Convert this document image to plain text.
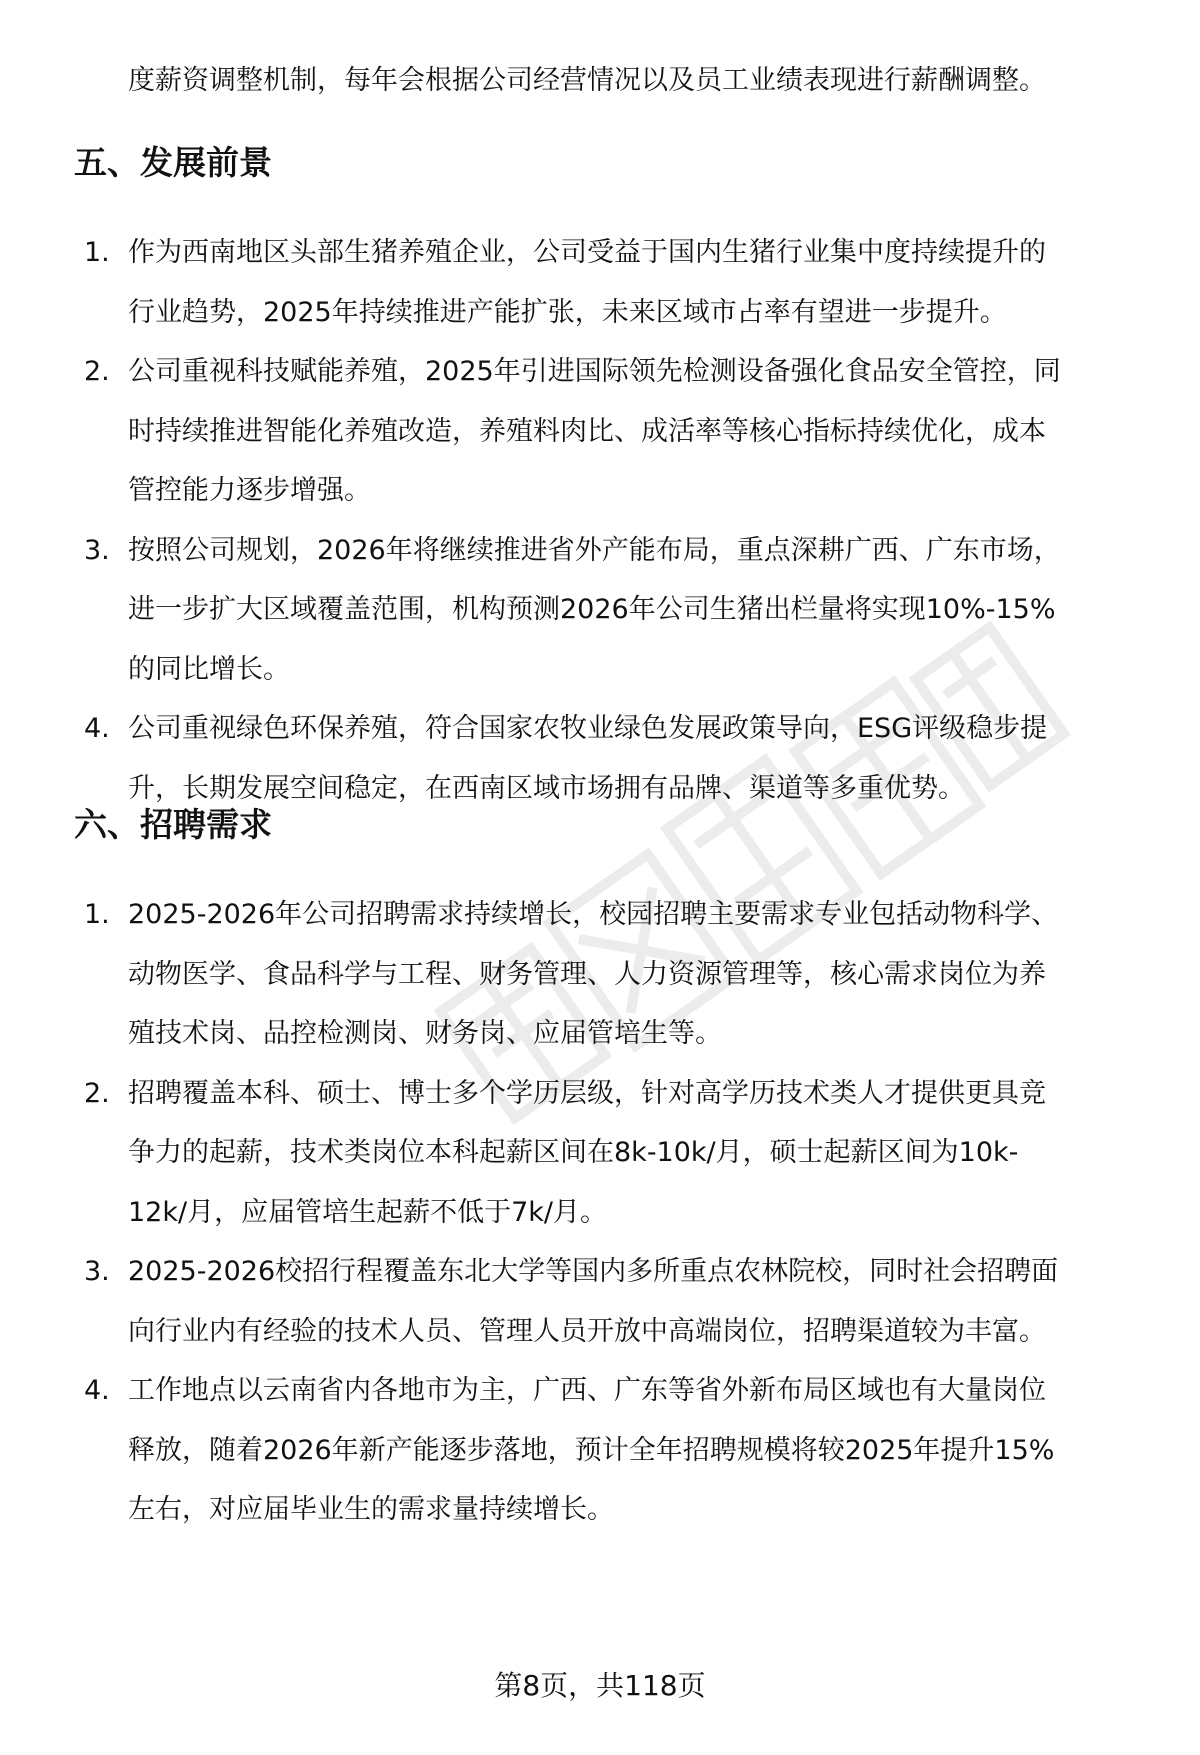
度薪资调整机制，每年会根据公司经营情况以及员工业绩表现进行薪酬调整。
五、发展前景
1. 作为西南地区头部生猪养殖企业，公司受益于国内生猪行业集中度持续提升的
行业趋势，2025年持续推进产能扩张，未来区域市占率有望进一步提升。
2. 公司重视科技赋能养殖，2025年引进国际领先检测设备强化食品安全管控，同
时持续推进智能化养殖改造，养殖料肉比、成活率等核心指标持续优化，成本
管控能力逐步增强。
3. 按照公司规划，2026年将继续推进省外产能布局，重点深耕广西、广东市场，
进一步扩大区域覆盖范围，机构预测2026年公司生猪出栏量将实现10%-15%
的同比增长。
4. 公司重视绿色环保养殖，符合国家农牧业绿色发展政策导向，ESG评级稳步提
升，长期发展空间稳定，在西南区域市场拥有品牌、渠道等多重优势。
六、招聘需求
1. 2025-2026年公司招聘需求持续增长，校园招聘主要需求专业包括动物科学、
动物医学、食品科学与工程、财务管理、人力资源管理等，核心需求岗位为养
殖技术岗、品控检测岗、财务岗、应届管培生等。
2. 招聘覆盖本科、硕士、博士多个学历层级，针对高学历技术类人才提供更具竞
争力的起薪，技术类岗位本科起薪区间在8k-10k/月，硕士起薪区间为10k-
12k/月，应届管培生起薪不低于7k/月。
3. 2025-2026校招行程覆盖东北大学等国内多所重点农林院校，同时社会招聘面
向行业内有经验的技术人员、管理人员开放中高端岗位，招聘渠道较为丰富。
4. 工作地点以云南省内各地市为主，广西、广东等省外新布局区域也有大量岗位
释放，随着2026年新产能逐步落地，预计全年招聘规模将较2025年提升15%
左右，对应届毕业生的需求量持续增长。
第8页，共118页
